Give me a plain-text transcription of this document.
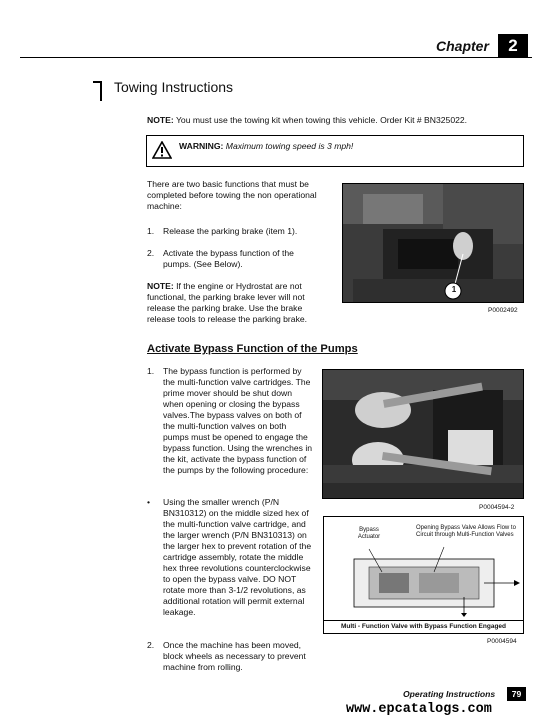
Chapter	2
Towing Instructions
NOTE: You must use the towing kit when towing this vehicle. Order Kit # BN325022.
WARNING: Maximum towing speed is 3 mph!
There are two basic functions that must be completed before towing the non operational machine:
1. Release the parking brake (item 1).
2. Activate the bypass function of the pumps. (See Below).
NOTE: If the engine or Hydrostat are not functional, the parking brake lever will not release the parking brake. Use the brake release tools to release the parking brake.
1
P0002492
Activate Bypass Function of the Pumps
1. The bypass function is performed by the multi-function valve cartridges. The prime mover should be shut down when opening or closing the bypass valves.The bypass valves on both of the multi-function valves on both pumps must be opened to engage the bypass function. Using the wrenches in the kit, activate the bypass function of the pumps by the following procedure:
• Using the smaller wrench (P/N BN310312) on the middle sized hex of the multi-function valve cartridge, and the larger wrench (P/N BN310313) on the larger hex to prevent rotation of the cartridge assembly, rotate the middle hex three revolutions counterclockwise to open the bypass valve. DO NOT rotate more than 3-1/2 revolutions, as additional rotation will permit external leakage.
2. Once the machine has been moved, block wheels as necessary to prevent machine from rolling.
P0004594-2
Bypass Actuator
Opening Bypass Valve Allows Flow to Circuit through Multi-Function Valves
Multi - Function Valve with Bypass Function Engaged
P0004594
Operating Instructions	79
www.epcatalogs.com
